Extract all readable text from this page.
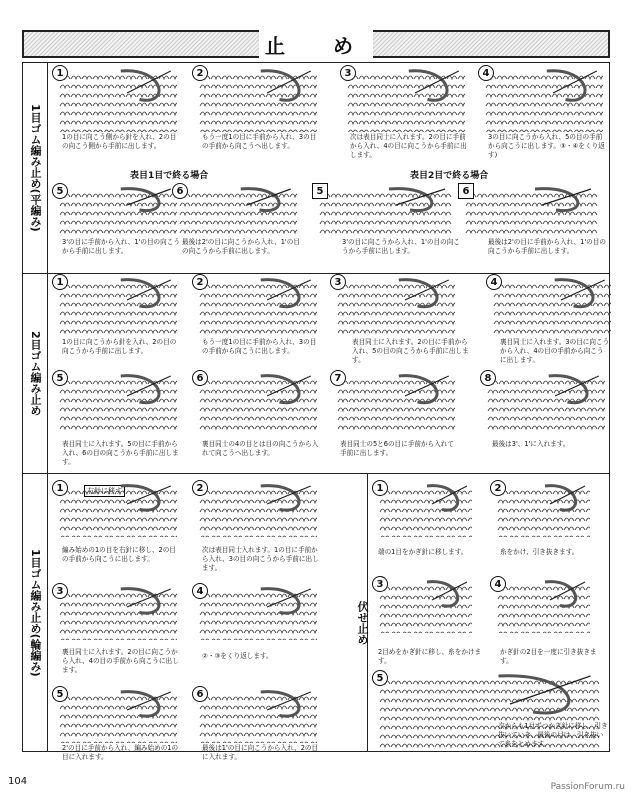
止　め
1目ゴム編み止め(平編み)
2目ゴム編み止め
1目ゴム編み止め(輪編み)	伏せ止め
表目1目で終る場合	表目2目で終る場合
右針に移す
104	PassionForum.ru
1
1の目に向こう側から針を入れ、2の目の向こう側から手前に出します。
2
もう一度1の目に手前から入れ、3の目の手前から向こうへ出します。
3
次は表目同士に入れます。2の目に手前から入れ、4の目に向こうから手前に出します。
4
3の目に向こうから入れ、5の目の手前から向こうに出します。③・④をくり返す)
5
3'の目に手前から入れ、1'の目の向こうから手前に出します。
6
最後は2'の目に向こうから入れ、1'の目の向こうから手前に出します。
5
3'の目に向こうから入れ、1'の目の向こうから手前に出します。
6
最後は2'の目に手前から入れ、1'の目の向こうから手前に出します。
1
1の目に向こうから針を入れ、2の目の向こうから手前に出します。
2
もう一度1の目に手前から入れ、3の目の手前から向こうに出します。
3
表目同士に入れます。2の目に手前から入れ、5の目の向こうから手前に出します。
4
裏目同士に入れます。3の目に向こうから入れ、4の目の手前から向こうに出します。
5
表目同士に入れます。5の目に手前から入れ、6の目の向こうから手前に出します。
6
裏目同士の4の目とは目の向こうから入れて向こうへ出します。
7
表目同士の5と6の目に手前から入れて手前に出します。
8
最後は3'、1'に入れます。
1
編み始めの1の目を右針に移し、2の目の手前から向こうに出します。
2
次は表目同士入れます。1の目に手前から入れ、3の目の向こうから手前に出します。
3
裏目同士に入れます。2の目に向こうから入れ、4の目の手前から向こうに出します。
4
②・③をくり返します。
5
2'の目に手前から入れ、編み始めの1の目に入れます。
6
最後は1'の目に向こうから入れ、2の目に入れます。
1
端の1目をかぎ針に移します。
2
糸をかけ、引き抜きます。
3
2目めをかぎ針に移し、糸をかけます。
4
かぎ針の2目を一度に引き抜きます。
5
次からも1目ずつかぎ針に移し、引き抜いていき、最後の目は、引き抜いて糸をとめます。
